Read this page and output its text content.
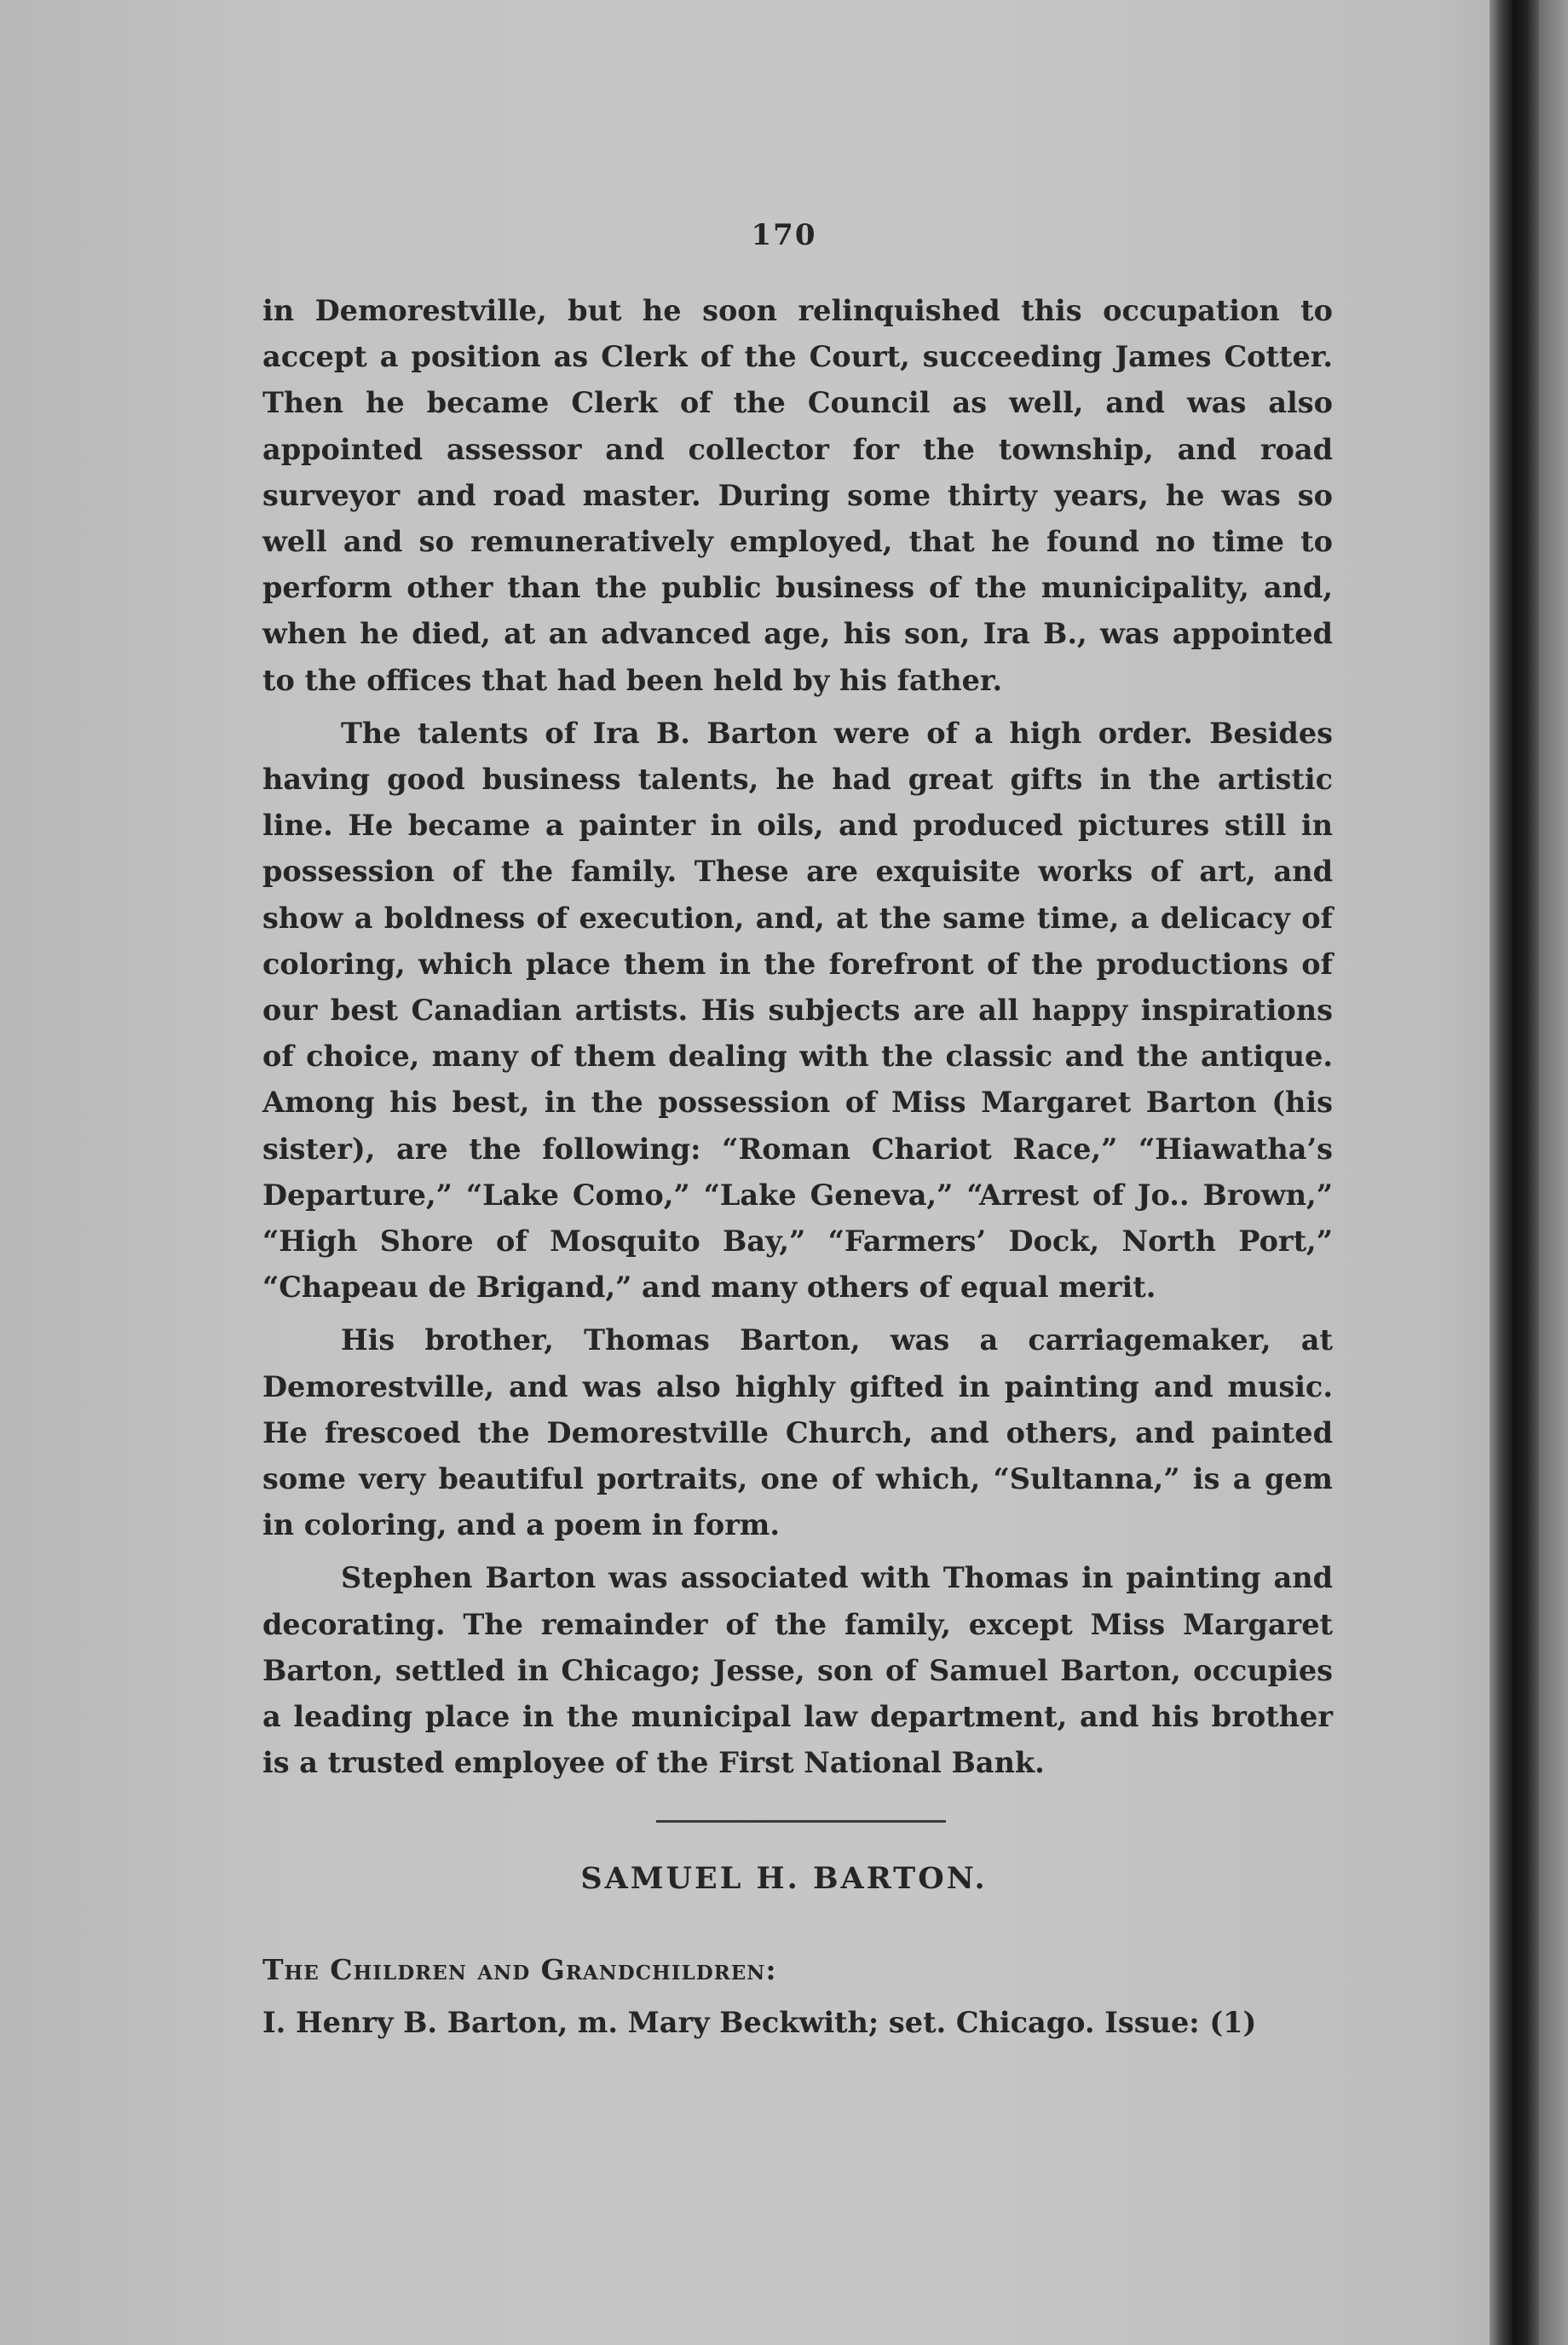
170

in Demorestville, but he soon relinquished this occupation to accept a position as Clerk of the Court, succeeding James Cotter. Then he became Clerk of the Council as well, and was also appointed assessor and collector for the township, and road surveyor and road master. During some thirty years, he was so well and so remuneratively employed, that he found no time to perform other than the public business of the municipality, and, when he died, at an advanced age, his son, Ira B., was appointed to the offices that had been held by his father.

The talents of Ira B. Barton were of a high order. Besides having good business talents, he had great gifts in the artistic line. He became a painter in oils, and produced pictures still in possession of the family. These are exquisite works of art, and show a boldness of execution, and, at the same time, a delicacy of coloring, which place them in the forefront of the productions of our best Canadian artists. His subjects are all happy inspirations of choice, many of them dealing with the classic and the antique. Among his best, in the possession of Miss Margaret Barton (his sister), are the following: “Roman Chariot Race,” “Hiawatha’s Departure,” “Lake Como,” “Lake Geneva,” “Arrest of Jo.. Brown,” “High Shore of Mosquito Bay,” “Farmers’ Dock, North Port,” “Chapeau de Brigand,” and many others of equal merit.

His brother, Thomas Barton, was a carriagemaker, at Demorestville, and was also highly gifted in painting and music. He frescoed the Demorestville Church, and others, and painted some very beautiful portraits, one of which, “Sultanna,” is a gem in coloring, and a poem in form.

Stephen Barton was associated with Thomas in painting and decorating. The remainder of the family, except Miss Margaret Barton, settled in Chicago; Jesse, son of Samuel Barton, occupies a leading place in the municipal law department, and his brother is a trusted employee of the First National Bank.

SAMUEL H. BARTON.
The Children and Grandchildren:
I. Henry B. Barton, m. Mary Beckwith; set. Chicago. Issue: (1)
